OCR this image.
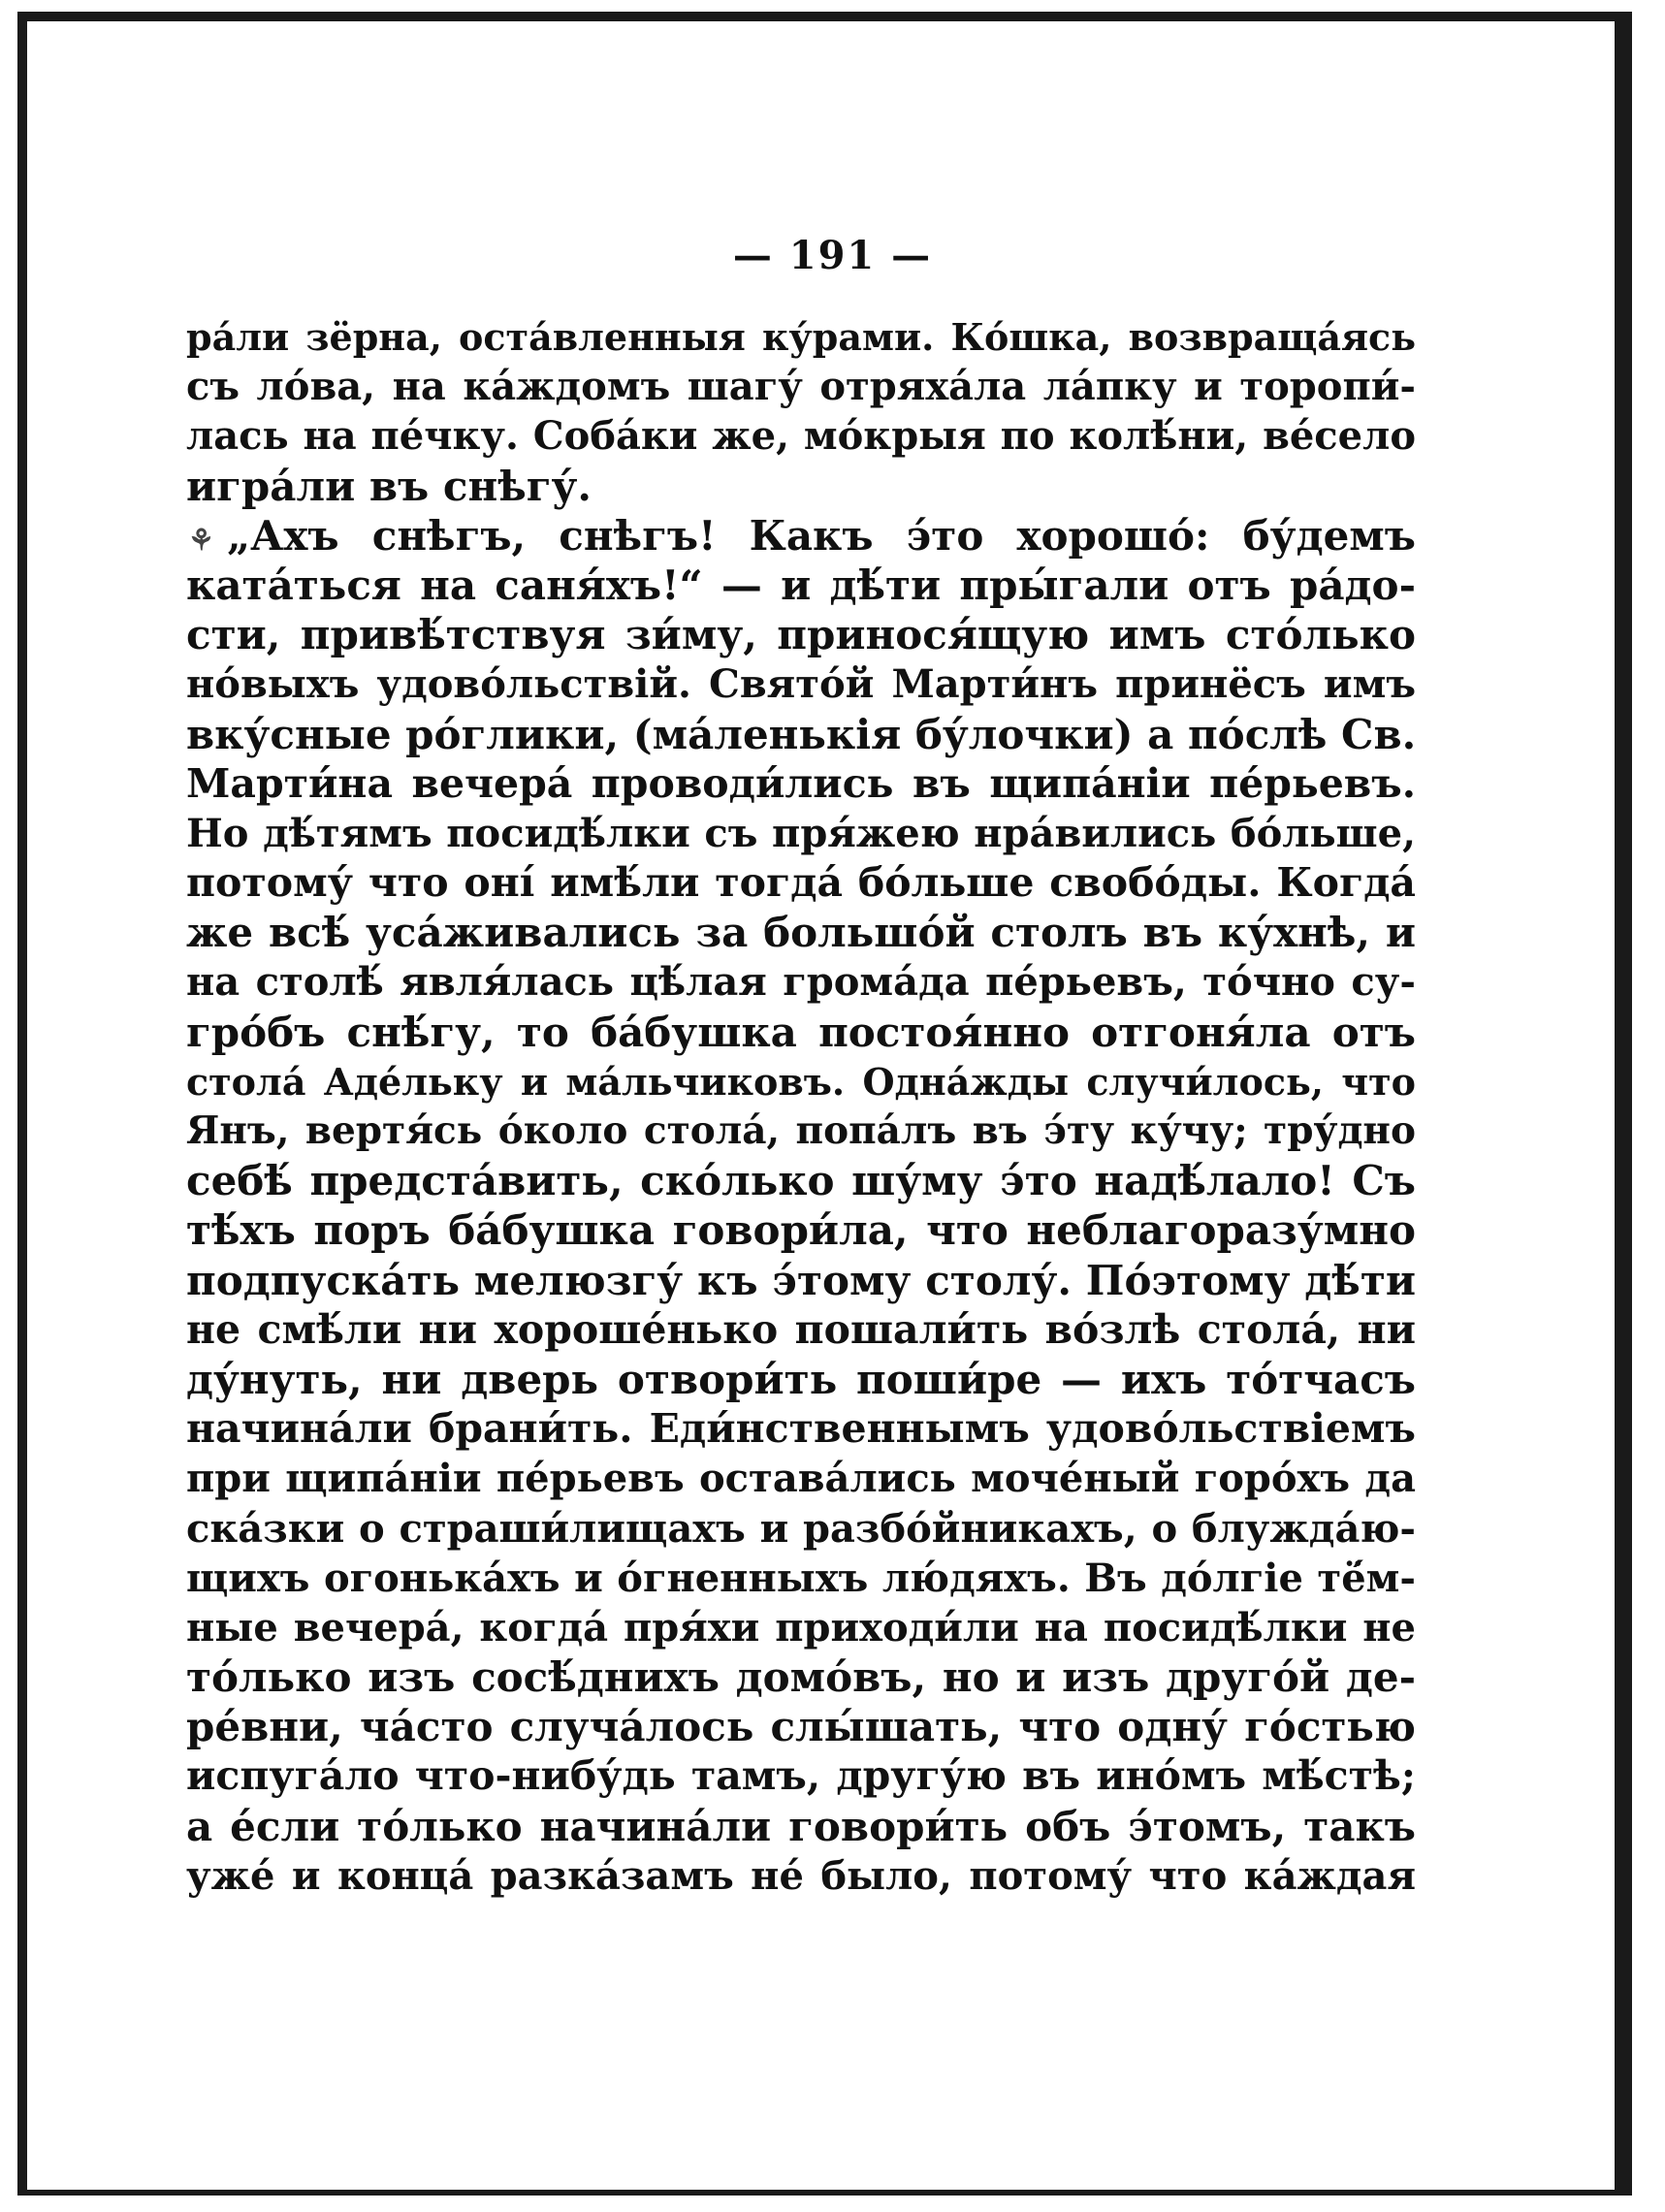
— 191 —
ра́ли зёрна, оста́вленныя ку́рами. Ко́шка, возвраща́ясь
съ ло́ва, на ка́ждомъ шагу́ отряха́ла ла́пку и торопи́-
лась на пе́чку. Соба́ки же, мо́крыя по колѣ́ни, ве́село
игра́ли въ снѣгу́.
⚘ „Ахъ снѣгъ, снѣгъ! Какъ э́то хорошо́: бу́демъ
ката́ться на саня́хъ!“ — и дѣ́ти пры́гали отъ ра́до-
сти, привѣ́тствуя зи́му, принося́щую имъ сто́лько
но́выхъ удово́льствій. Свято́й Марти́нъ принёсъ имъ
вку́сные ро́глики, (ма́ленькія бу́лочки) а по́слѣ Св.
Марти́на вечера́ проводи́лись въ щипа́ніи пе́рьевъ.
Но дѣ́тямъ посидѣ́лки съ пря́жею нра́вились бо́льше,
потому́ что оні́ имѣ́ли тогда́ бо́льше свобо́ды. Когда́
же всѣ́ уса́живались за большо́й столъ въ ку́хнѣ, и
на столѣ́ явля́лась цѣ́лая грома́да пе́рьевъ, то́чно су-
гро́бъ снѣ́гу, то ба́бушка постоя́нно отгоня́ла отъ
стола́ Аде́льку и ма́льчиковъ. Одна́жды случи́лось, что
Янъ, вертя́сь о́коло стола́, попа́лъ въ э́ту ку́чу; тру́дно
себѣ́ предста́вить, ско́лько шу́му э́то надѣ́лало! Съ
тѣ́хъ поръ ба́бушка говори́ла, что неблагоразу́мно
подпуска́ть мелюзгу́ къ э́тому столу́. По́этому дѣ́ти
не смѣ́ли ни хороше́нько пошали́ть во́злѣ стола́, ни
ду́нуть, ни дверь отвори́ть поши́ре — ихъ то́тчасъ
начина́ли брани́ть. Еди́нственнымъ удово́льствіемъ
при щипа́ніи пе́рьевъ остава́лись моче́ный горо́хъ да
ска́зки о страши́лищахъ и разбо́йникахъ, о блужда́ю-
щихъ огонька́хъ и о́гненныхъ лю́дяхъ. Въ до́лгіе тё́м-
ные вечера́, когда́ пря́хи приходи́ли на посидѣ́лки не
то́лько изъ сосѣ́днихъ домо́въ, но и изъ друго́й де-
ре́вни, ча́сто случа́лось слы́шать, что одну́ го́стью
испуга́ло что-нибу́дь тамъ, другу́ю въ ино́мъ мѣ́стѣ;
а е́сли то́лько начина́ли говори́ть объ э́томъ, такъ
уже́ и конца́ разка́замъ не́ было, потому́ что ка́ждая
